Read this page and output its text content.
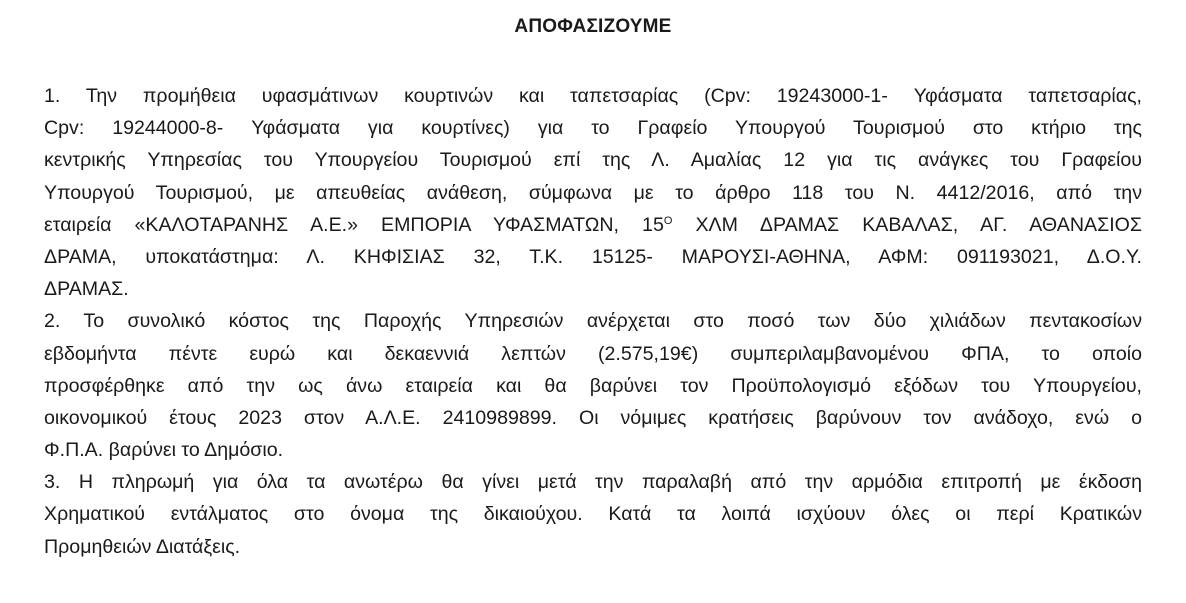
ΑΠΟΦΑΣΙΖΟΥΜΕ
1. Την προμήθεια υφασμάτινων κουρτινών και ταπετσαρίας (Cpv: 19243000-1- Υφάσματα ταπετσαρίας,
Cpv: 19244000-8- Υφάσματα για κουρτίνες) για το Γραφείο Υπουργού Τουρισμού στο κτήριο της
κεντρικής Υπηρεσίας του Υπουργείου Τουρισμού επί της Λ. Αμαλίας 12 για τις ανάγκες του Γραφείου
Υπουργού Τουρισμού, με απευθείας ανάθεση, σύμφωνα με το άρθρο 118 του Ν. 4412/2016, από την
εταιρεία «ΚΑΛΟΤΑΡΑΝΗΣ Α.Ε.» ΕΜΠΟΡΙΑ ΥΦΑΣΜΑΤΩΝ, $15^O$ ΧΛΜ ΔΡΑΜΑΣ ΚΑΒΑΛΑΣ, ΑΓ. ΑΘΑΝΑΣΙΟΣ
ΔΡΑΜΑ, υποκατάστημα: Λ. ΚΗΦΙΣΙΑΣ 32, Τ.Κ. 15125- ΜΑΡΟΥΣΙ-ΑΘΗΝΑ, ΑΦΜ: 091193021, Δ.Ο.Υ.
ΔΡΑΜΑΣ.
2. Το συνολικό κόστος της Παροχής Υπηρεσιών ανέρχεται στο ποσό των δύο χιλιάδων πεντακοσίων
εβδομήντα πέντε ευρώ και δεκαεννιά λεπτών (2.575,19€) συμπεριλαμβανομένου ΦΠΑ, το οποίο
προσφέρθηκε από την ως άνω εταιρεία και θα βαρύνει τον Προϋπολογισμό εξόδων του Υπουργείου,
οικονομικού έτους 2023 στον Α.Λ.Ε. 2410989899. Οι νόμιμες κρατήσεις βαρύνουν τον ανάδοχο, ενώ ο
Φ.Π.Α. βαρύνει το Δημόσιο.
3. Η πληρωμή για όλα τα ανωτέρω θα γίνει μετά την παραλαβή από την αρμόδια επιτροπή με έκδοση
Χρηματικού εντάλματος στο όνομα της δικαιούχου. Κατά τα λοιπά ισχύουν όλες οι περί Κρατικών
Προμηθειών Διατάξεις.
